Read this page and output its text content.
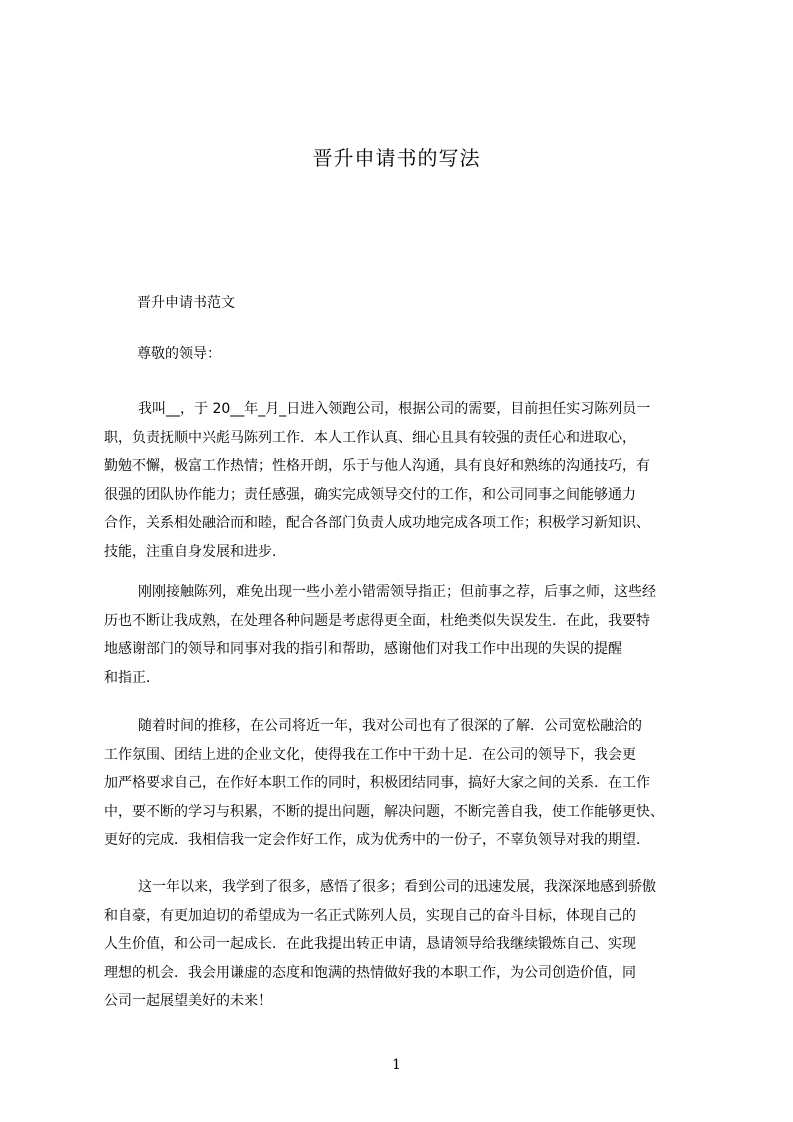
晋升申请书的写法
晋升申请书范文
尊敬的领导：
我叫__，于 20__年_月_日进入领跑公司，根据公司的需要，目前担任实习陈列员一
职，负责抚顺中兴彪马陈列工作．本人工作认真、细心且具有较强的责任心和进取心，
勤勉不懈，极富工作热情；性格开朗，乐于与他人沟通，具有良好和熟练的沟通技巧，有
很强的团队协作能力；责任感强，确实完成领导交付的工作，和公司同事之间能够通力
合作，关系相处融洽而和睦，配合各部门负责人成功地完成各项工作；积极学习新知识、
技能，注重自身发展和进步．
刚刚接触陈列，难免出现一些小差小错需领导指正；但前事之荐，后事之师，这些经
历也不断让我成熟，在处理各种问题是考虑得更全面，杜绝类似失误发生．在此，我要特
地感谢部门的领导和同事对我的指引和帮助，感谢他们对我工作中出现的失误的提醒
和指正．
随着时间的推移，在公司将近一年，我对公司也有了很深的了解．公司宽松融洽的
工作氛围、团结上进的企业文化，使得我在工作中干劲十足．在公司的领导下，我会更
加严格要求自己，在作好本职工作的同时，积极团结同事，搞好大家之间的关系．在工作
中，要不断的学习与积累，不断的提出问题，解决问题，不断完善自我，使工作能够更快、
更好的完成．我相信我一定会作好工作，成为优秀中的一份子，不辜负领导对我的期望．
这一年以来，我学到了很多，感悟了很多；看到公司的迅速发展，我深深地感到骄傲
和自豪，有更加迫切的希望成为一名正式陈列人员，实现自己的奋斗目标，体现自己的
人生价值，和公司一起成长．在此我提出转正申请，恳请领导给我继续锻炼自己、实现
理想的机会．我会用谦虚的态度和饱满的热情做好我的本职工作，为公司创造价值，同
公司一起展望美好的未来！
1
